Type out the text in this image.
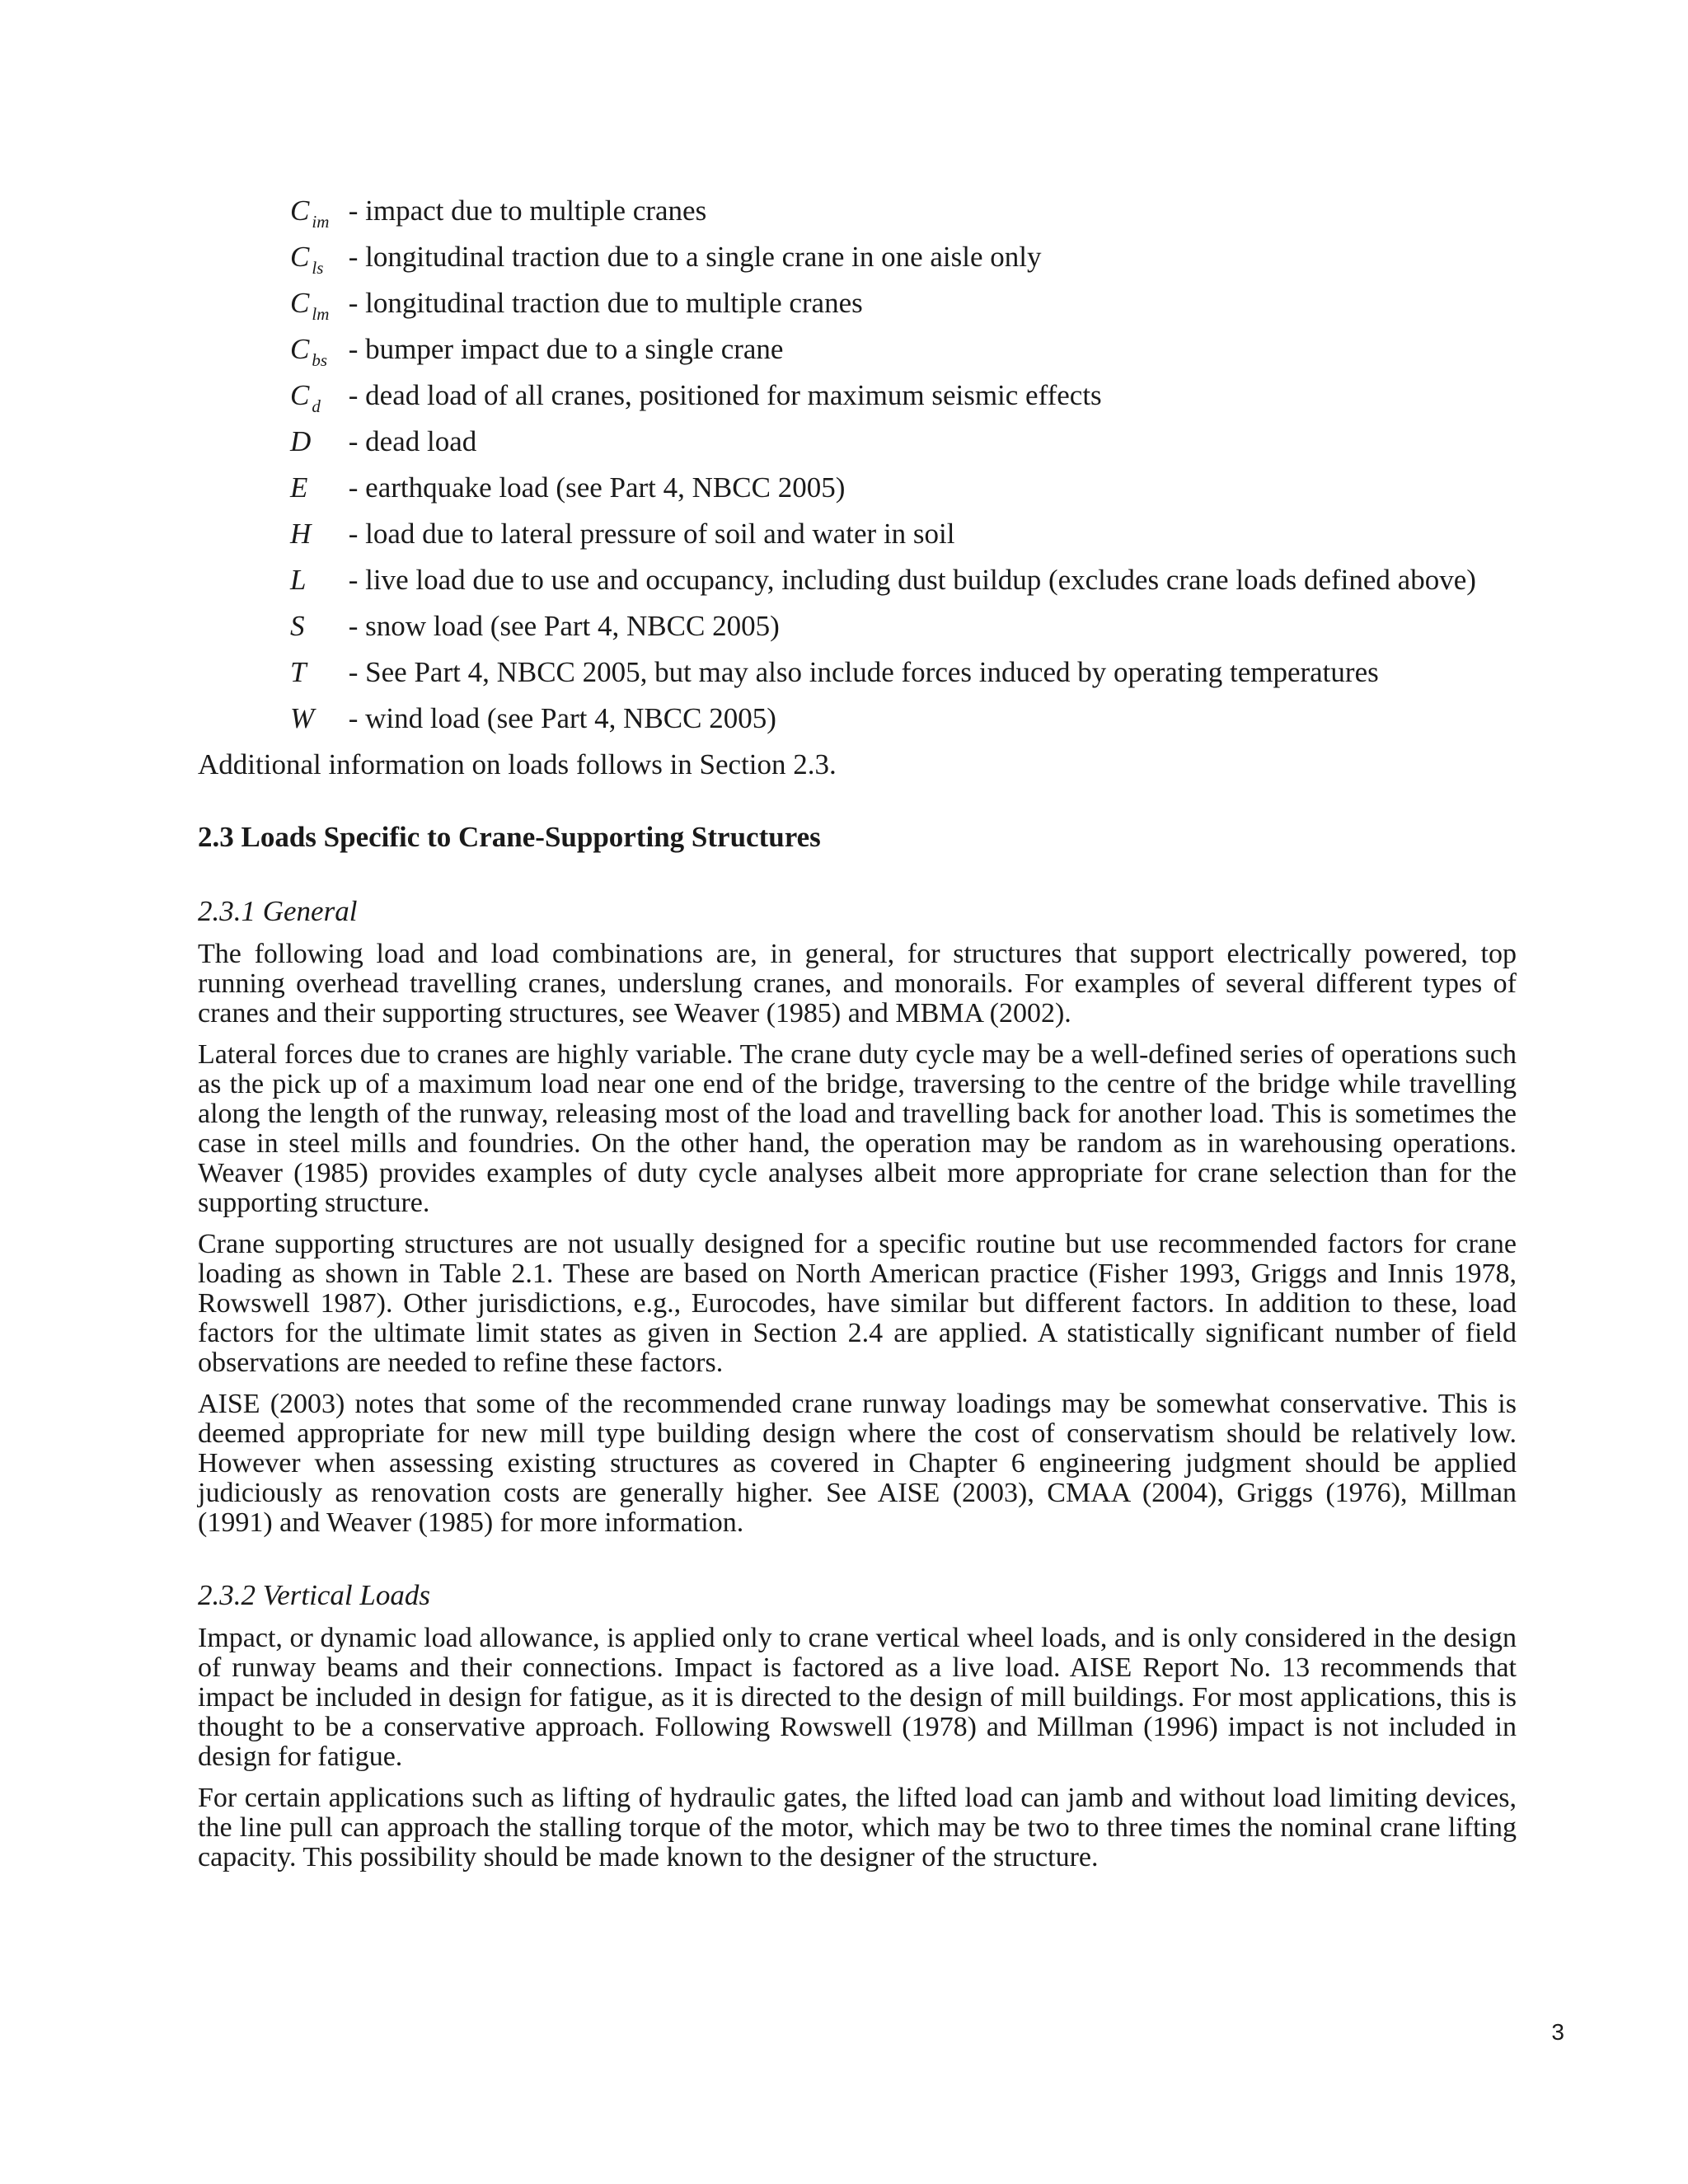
C $_{im}$ - impact due to multiple cranes
C $_{ls}$ - longitudinal traction due to a single crane in one aisle only
C $_{lm}$ - longitudinal traction due to multiple cranes
C $_{bs}$ - bumper impact due to a single crane
C $_d$ - dead load of all cranes, positioned for maximum seismic effects
D - dead load
E - earthquake load (see Part 4, NBCC 2005)
H - load due to lateral pressure of soil and water in soil
L - live load due to use and occupancy, including dust buildup (excludes crane loads defined above)
S - snow load (see Part 4, NBCC 2005)
T - See Part 4, NBCC 2005, but may also include forces induced by operating temperatures
W - wind load (see Part 4, NBCC 2005)

Additional information on loads follows in Section 2.3.

2.3 Loads Specific to Crane-Supporting Structures
2.3.1 General

The following load and load combinations are, in general, for structures that support electrically powered, top running overhead travelling cranes, underslung cranes, and monorails. For examples of several different types of cranes and their supporting structures, see Weaver (1985) and MBMA (2002).

Lateral forces due to cranes are highly variable. The crane duty cycle may be a well-defined series of operations such as the pick up of a maximum load near one end of the bridge, traversing to the centre of the bridge while travelling along the length of the runway, releasing most of the load and travelling back for another load. This is sometimes the case in steel mills and foundries. On the other hand, the operation may be random as in warehousing operations. Weaver (1985) provides examples of duty cycle analyses albeit more appropriate for crane selection than for the supporting structure.

Crane supporting structures are not usually designed for a specific routine but use recommended factors for crane loading as shown in Table 2.1. These are based on North American practice (Fisher 1993, Griggs and Innis 1978, Rowswell 1987). Other jurisdictions, e.g., Eurocodes, have similar but different factors. In addition to these, load factors for the ultimate limit states as given in Section 2.4 are applied. A statistically significant number of field observations are needed to refine these factors.

AISE (2003) notes that some of the recommended crane runway loadings may be somewhat conservative. This is deemed appropriate for new mill type building design where the cost of conservatism should be relatively low. However when assessing existing structures as covered in Chapter 6 engineering judgment should be applied judiciously as renovation costs are generally higher. See AISE (2003), CMAA (2004), Griggs (1976), Millman (1991) and Weaver (1985) for more information.

2.3.2 Vertical Loads

Impact, or dynamic load allowance, is applied only to crane vertical wheel loads, and is only considered in the design of runway beams and their connections. Impact is factored as a live load. AISE Report No. 13 recommends that impact be included in design for fatigue, as it is directed to the design of mill buildings. For most applications, this is thought to be a conservative approach. Following Rowswell (1978) and Millman (1996) impact is not included in design for fatigue.

For certain applications such as lifting of hydraulic gates, the lifted load can jamb and without load limiting devices, the line pull can approach the stalling torque of the motor, which may be two to three times the nominal crane lifting capacity. This possibility should be made known to the designer of the structure.

3
